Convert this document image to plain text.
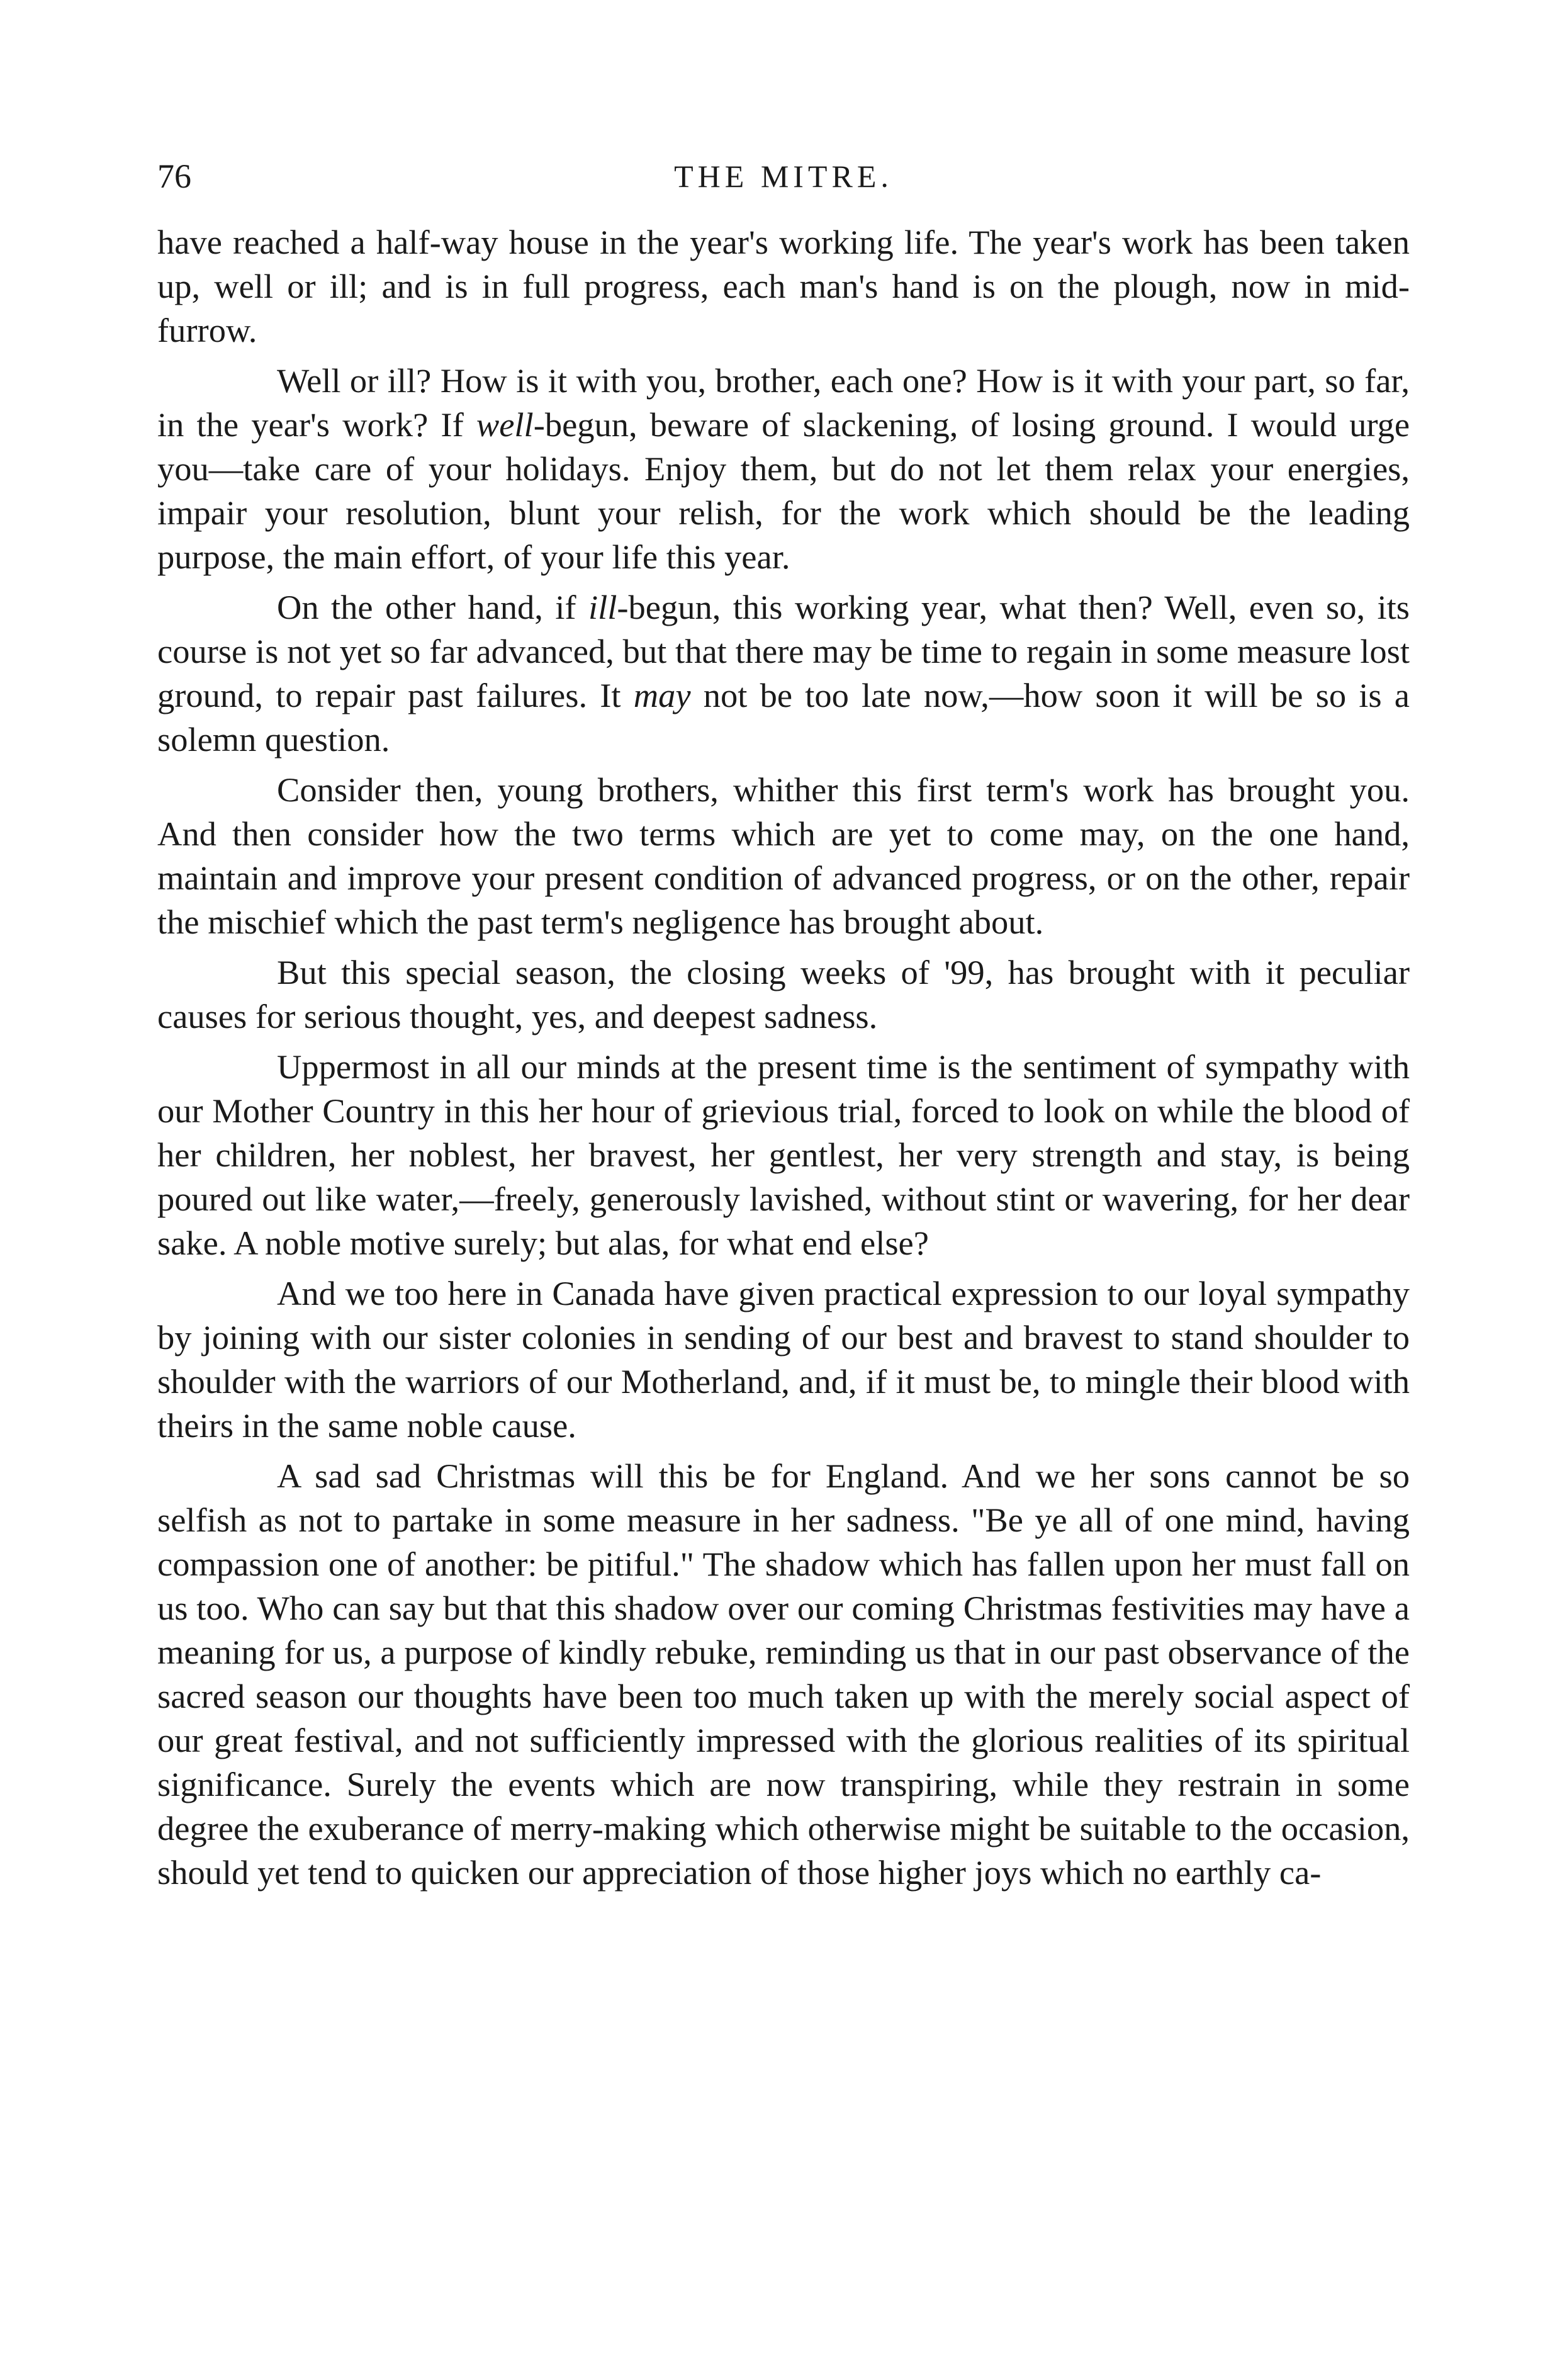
76	THE MITRE.

have reached a half-way house in the year's working life. The year's work has been taken up, well or ill; and is in full progress, each man's hand is on the plough, now in mid-furrow.

Well or ill? How is it with you, brother, each one? How is it with your part, so far, in the year's work? If well-begun, beware of slackening, of losing ground. I would urge you—take care of your holidays. Enjoy them, but do not let them relax your energies, impair your resolution, blunt your relish, for the work which should be the leading purpose, the main effort, of your life this year.

On the other hand, if ill-begun, this working year, what then? Well, even so, its course is not yet so far advanced, but that there may be time to regain in some measure lost ground, to repair past failures. It may not be too late now,—how soon it will be so is a solemn question.

Consider then, young brothers, whither this first term's work has brought you. And then consider how the two terms which are yet to come may, on the one hand, maintain and improve your present condition of advanced progress, or on the other, repair the mischief which the past term's negligence has brought about.

But this special season, the closing weeks of '99, has brought with it peculiar causes for serious thought, yes, and deepest sadness.

Uppermost in all our minds at the present time is the sentiment of sympathy with our Mother Country in this her hour of grievious trial, forced to look on while the blood of her children, her noblest, her bravest, her gentlest, her very strength and stay, is being poured out like water,—freely, generously lavished, without stint or wavering, for her dear sake. A noble motive surely; but alas, for what end else?

And we too here in Canada have given practical expression to our loyal sympathy by joining with our sister colonies in sending of our best and bravest to stand shoulder to shoulder with the warriors of our Motherland, and, if it must be, to mingle their blood with theirs in the same noble cause.

A sad sad Christmas will this be for England. And we her sons cannot be so selfish as not to partake in some measure in her sadness. "Be ye all of one mind, having compassion one of another: be pitiful." The shadow which has fallen upon her must fall on us too. Who can say but that this shadow over our coming Christmas festivities may have a meaning for us, a purpose of kindly rebuke, reminding us that in our past observance of the sacred season our thoughts have been too much taken up with the merely social aspect of our great festival, and not sufficiently impressed with the glorious realities of its spiritual significance. Surely the events which are now transpiring, while they restrain in some degree the exuberance of merry-making which otherwise might be suitable to the occasion, should yet tend to quicken our appreciation of those higher joys which no earthly ca-
